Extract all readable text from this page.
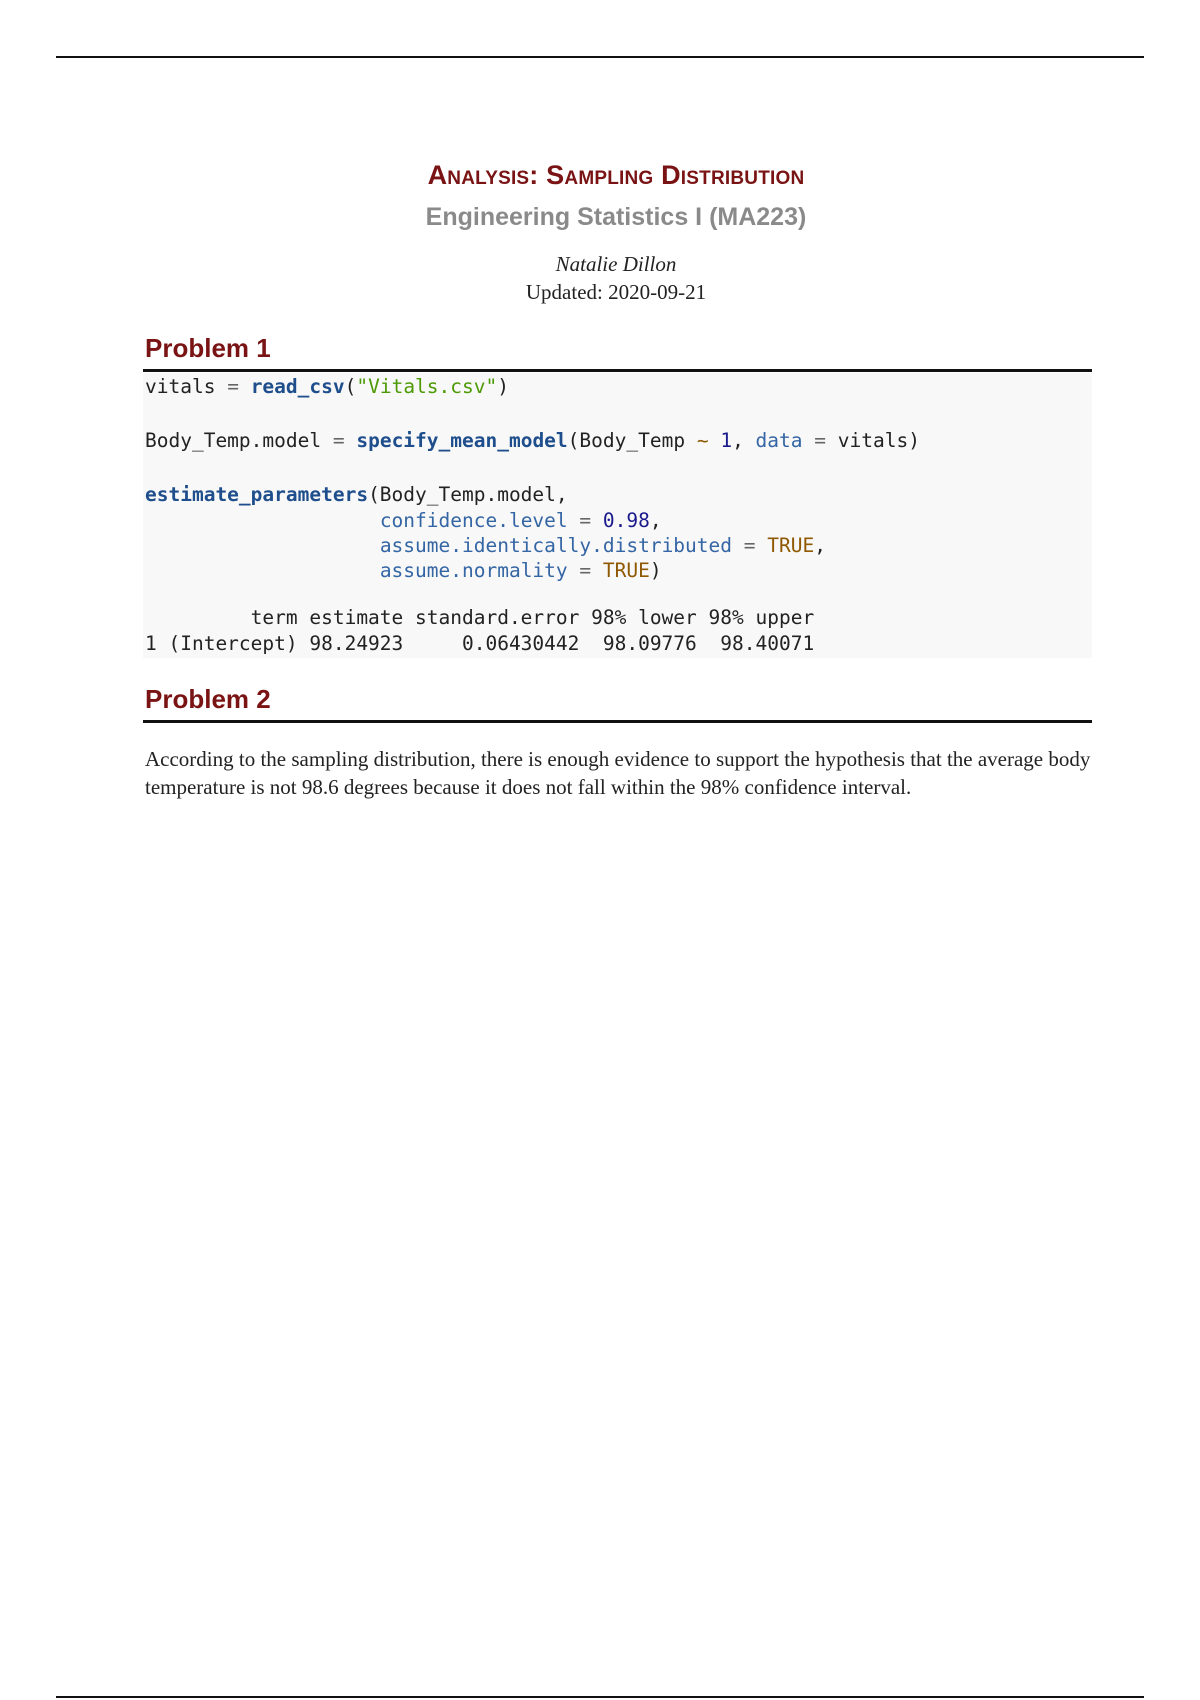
Analysis: Sampling Distribution
Engineering Statistics I (MA223)
Natalie Dillon
Updated: 2020-09-21
Problem 1
vitals = read_csv("Vitals.csv")
Body_Temp.model = specify_mean_model(Body_Temp ~ 1, data = vitals)
estimate_parameters(Body_Temp.model,
confidence.level = 0.98,
assume.identically.distributed = TRUE,
assume.normality = TRUE)
term estimate standard.error 98% lower 98% upper
1 (Intercept) 98.24923     0.06430442  98.09776  98.40071
Problem 2
According to the sampling distribution, there is enough evidence to support the hypothesis that the average body temperature is not 98.6 degrees because it does not fall within the 98% confidence interval.
